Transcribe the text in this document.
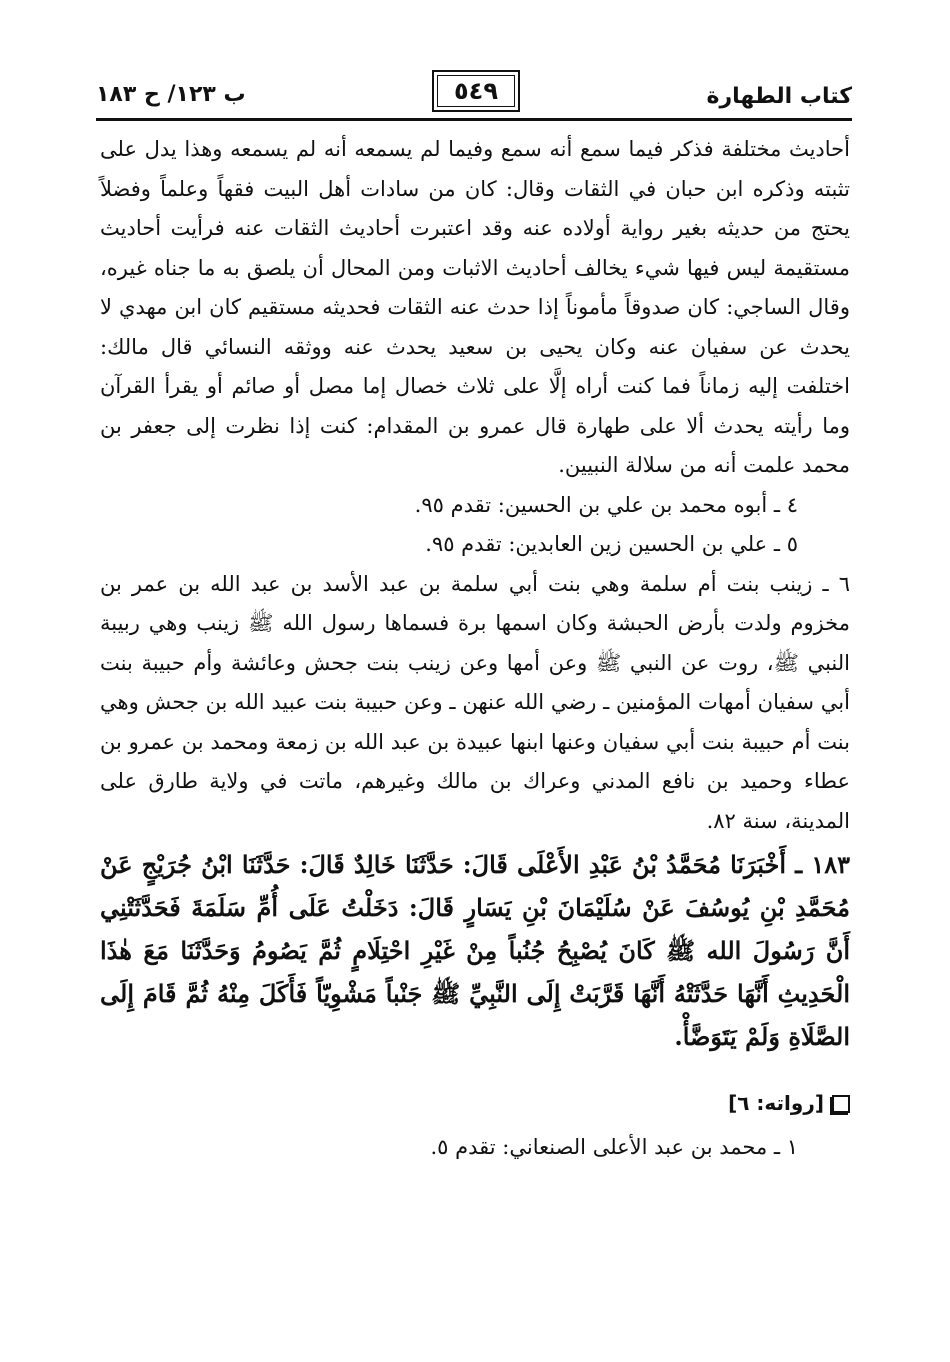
كتاب الطهارة
٥٤٩
ب ١٢٣/ ح ١٨٣

أحاديث مختلفة فذكر فيما سمع أنه سمع وفيما لم يسمعه أنه لم يسمعه وهذا يدل على تثبته وذكره ابن حبان في الثقات وقال: كان من سادات أهل البيت فقهاً وعلماً وفضلاً يحتج من حديثه بغير رواية أولاده عنه وقد اعتبرت أحاديث الثقات عنه فرأيت أحاديث مستقيمة ليس فيها شيء يخالف أحاديث الاثبات ومن المحال أن يلصق به ما جناه غيره، وقال الساجي: كان صدوقاً مأموناً إذا حدث عنه الثقات فحديثه مستقيم كان ابن مهدي لا يحدث عن سفيان عنه وكان يحيى بن سعيد يحدث عنه ووثقه النسائي قال مالك: اختلفت إليه زماناً فما كنت أراه إلَّا على ثلاث خصال إما مصل أو صائم أو يقرأ القرآن وما رأيته يحدث ألا على طهارة قال عمرو بن المقدام: كنت إذا نظرت إلى جعفر بن محمد علمت أنه من سلالة النبيين.

٤ ـ أبوه محمد بن علي بن الحسين: تقدم ٩٥.

٥ ـ علي بن الحسين زين العابدين: تقدم ٩٥.

٦ ـ زينب بنت أم سلمة وهي بنت أبي سلمة بن عبد الأسد بن عبد الله بن عمر بن مخزوم ولدت بأرض الحبشة وكان اسمها برة فسماها رسول الله ﷺ زينب وهي ربيبة النبي ﷺ، روت عن النبي ﷺ وعن أمها وعن زينب بنت جحش وعائشة وأم حبيبة بنت أبي سفيان أمهات المؤمنين ـ رضي الله عنهن ـ وعن حبيبة بنت عبيد الله بن جحش وهي بنت أم حبيبة بنت أبي سفيان وعنها ابنها عبيدة بن عبد الله بن زمعة ومحمد بن عمرو بن عطاء وحميد بن نافع المدني وعراك بن مالك وغيرهم، ماتت في ولاية طارق على المدينة، سنة ٨٢.

١٨٣ ـ أَخْبَرَنَا مُحَمَّدُ بْنُ عَبْدِ الأَعْلَى قَالَ: حَدَّثَنَا خَالِدٌ قَالَ: حَدَّثَنَا ابْنُ جُرَيْجٍ عَنْ مُحَمَّدِ بْنِ يُوسُفَ عَنْ سُلَيْمَانَ بْنِ يَسَارٍ قَالَ: دَخَلْتُ عَلَى أُمِّ سَلَمَةَ فَحَدَّثَتْنِي أَنَّ رَسُولَ الله ﷺ كَانَ يُصْبِحُ جُنُباً مِنْ غَيْرِ احْتِلَامٍ ثُمَّ يَصُومُ وَحَدَّثَنَا مَعَ هٰذَا الْحَدِيثِ أَنَّهَا حَدَّثَتْهُ أَنَّهَا قَرَّبَتْ إِلَى النَّبِيِّ ﷺ جَنْباً مَشْوِيّاً فَأَكَلَ مِنْهُ ثُمَّ قَامَ إِلَى الصَّلَاةِ وَلَمْ يَتَوَضَّأْ.

[رواته: ٦]

١ ـ محمد بن عبد الأعلى الصنعاني: تقدم ٥.
